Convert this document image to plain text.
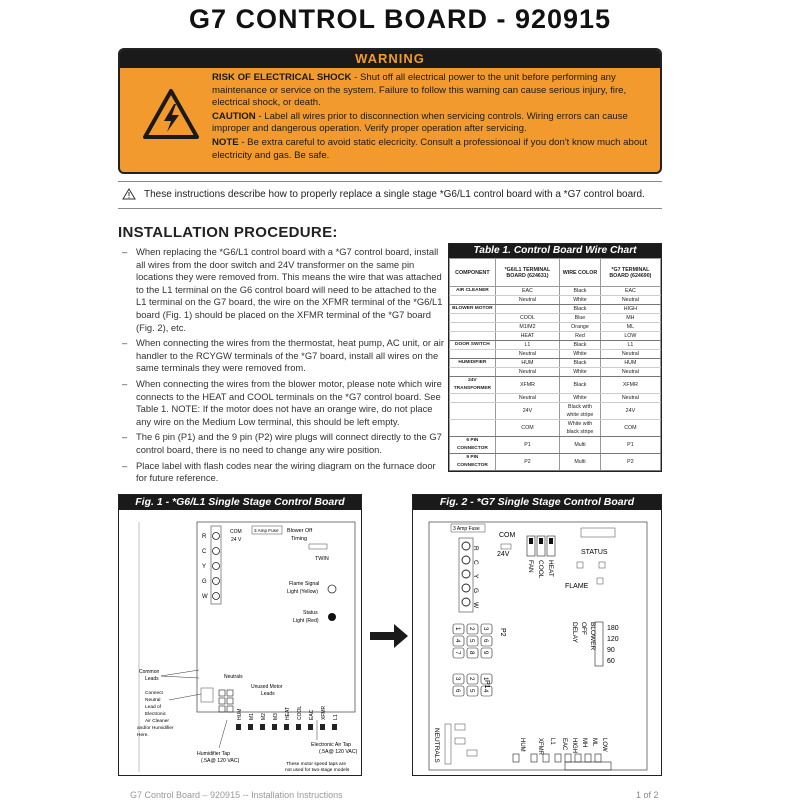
G7 CONTROL BOARD - 920915
WARNING

RISK OF ELECTRICAL SHOCK - Shut off all electrical power to the unit before performing any maintenance or service on the system. Failure to follow this warning can cause serious injury, fire, electrical shock, or death.

CAUTION - Label all wires prior to disconnection when servicing controls. Wiring errors can cause improper and dangerous operation. Verify proper operation after servicing.

NOTE - Be extra careful to avoid static elecricity. Consult a professionoal if you don't know much about electricity and gas. Be safe.

These instructions describe how to properly replace a single stage *G6/L1 control board with a *G7 control board.
INSTALLATION PROCEDURE:
– When replacing the *G6/L1 control board with a *G7 control board, install all wires from the door switch and 24V transformer on the same pin locations they were removed from. This means the wire that was attached to the L1 terminal on the G6 control board will need to be attached to the L1 terminal on the G7 board, the wire on the XFMR terminal of the *G6/L1 board (Fig. 1) should be placed on the XFMR terminal of the *G7 board (Fig. 2), etc.
– When connecting the wires from the thermostat, heat pump, AC unit, or air handler to the RCYGW terminals of the *G7 board, install all wires on the same terminals they were removed from.
– When connecting the wires from the blower motor, please note which wire connects to the HEAT and COOL terminals on the *G7 control board. See Table 1. NOTE: If the motor does not have an orange wire, do not place any wire on the Medium Low terminal, this should be left empty.
– The 6 pin (P1) and the 9 pin (P2) wire plugs will connect directly to the G7 control board, there is no need to change any wire position.
– Place label with flash codes near the wiring diagram on the furnace door for future reference.
Table 1. Control Board Wire Chart
COMPONENT	*G6/L1 TERMINAL BOARD (624631)	WIRE COLOR	*G7 TERMINAL BOARD (624690)
AIR CLEANER	EAC	Black	EAC
	Neutral	White	Neutral
BLOWER MOTOR		Black	HIGH
	COOL	Blue	MH
	M1/M2	Orange	ML
	HEAT	Red	LOW
DOOR SWITCH	L1	Black	L1
	Neutral	White	Neutral
HUMIDIFIER	HUM	Black	HUM
	Neutral	White	Neutral
24V TRANSFORMER	XFMR	Black	XFMR
	Neutral	White	Neutral
	24V	Black with white stripe	24V
	COM	White with black stripe	COM
6 PIN CONNECTOR	P1	Multi	P1
9 PIN CONNECTOR	P2	Multi	P2
Fig. 1 - *G6/L1 Single Stage Control Board
R
C
Y
G
W
COM
24 V
3 Amp Fuse Blower Off
Timing
TWIN
Flame Signal
Light (Yellow)
Status
Light (Red)
Common
Leads	Neutrals
Unused Motor
Leads
Connect
Neutral
Lead of
Electronic
Air Cleaner
and/or Humidifier
Here.
HUM M1 M2 M3 HEAT COOL EAC XFMR L1
Humidifier Tap
(.5A@ 120 VAC)
Electronic Air Tap
(.5A@ 120 VAC)
These motor speed taps are
not used for two-stage models
Fig. 2 - *G7 Single Stage Control Board
3 Amp Fuse
COM
24V
FAN COOL HEAT
STATUS
FLAME
R
C
Y
G
W
3
6
9
2
5
8
1
4
7
P2
3
6
2
5
1
4
P1
BLOWER
OFF
DELAY	180
120
90
60
NEUTRALS	HUM XFMR L1 EAC HIGH MH ML LOW
G7 Control Board – 920915 -- Installation Instructions	1 of 2
